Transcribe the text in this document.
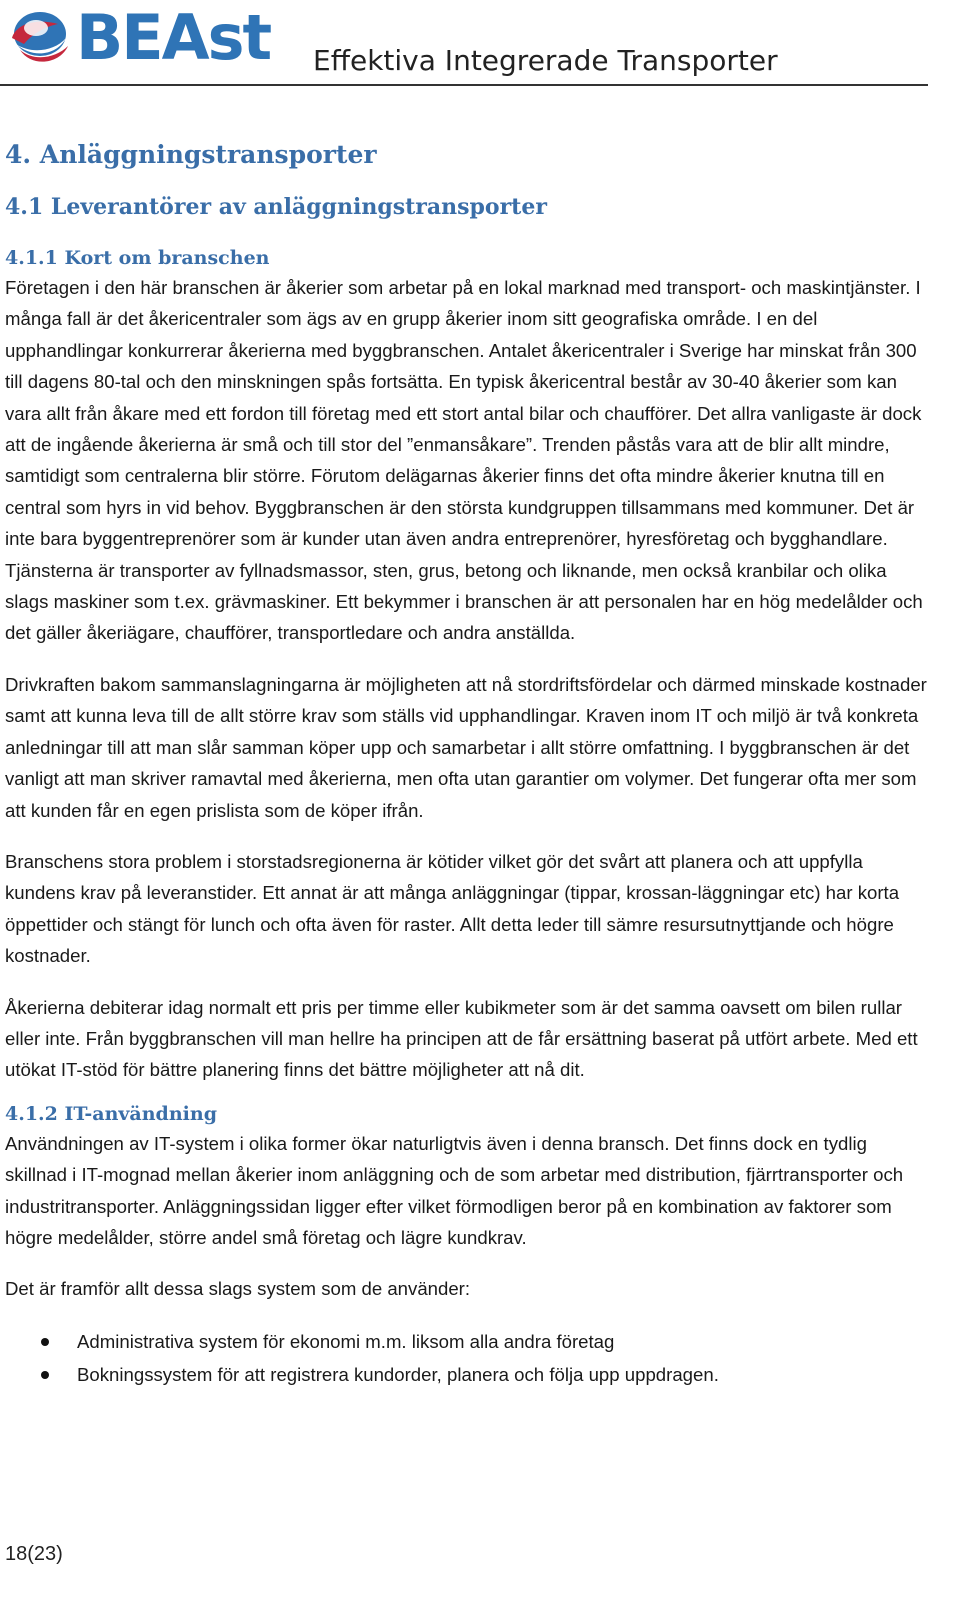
BEAst Effektiva Integrerade Transporter
4. Anläggningstransporter
4.1 Leverantörer av anläggningstransporter
4.1.1 Kort om branschen

Företagen i den här branschen är åkerier som arbetar på en lokal marknad med transport- och maskintjänster. I många fall är det åkericentraler som ägs av en grupp åkerier inom sitt geografiska område. I en del upphandlingar konkurrerar åkerierna med byggbranschen. Antalet åkericentraler i Sverige har minskat från 300 till dagens 80-tal och den minskningen spås fortsätta. En typisk åkericentral består av 30-40 åkerier som kan vara allt från åkare med ett fordon till företag med ett stort antal bilar och chaufförer. Det allra vanligaste är dock att de ingående åkerierna är små och till stor del ”enmansåkare”. Trenden påstås vara att de blir allt mindre, samtidigt som centralerna blir större. Förutom delägarnas åkerier finns det ofta mindre åkerier knutna till en central som hyrs in vid behov. Byggbranschen är den största kundgruppen tillsammans med kommuner. Det är inte bara byggentreprenörer som är kunder utan även andra entreprenörer, hyresföretag och bygghandlare. Tjänsterna är transporter av fyllnadsmassor, sten, grus, betong och liknande, men också kranbilar och olika slags maskiner som t.ex. grävmaskiner. Ett bekymmer i branschen är att personalen har en hög medelålder och det gäller åkeriägare, chaufförer, transportledare och andra anställda.

Drivkraften bakom sammanslagningarna är möjligheten att nå stordriftsfördelar och därmed minskade kostnader samt att kunna leva till de allt större krav som ställs vid upphandlingar. Kraven inom IT och miljö är två konkreta anledningar till att man slår samman köper upp och samarbetar i allt större omfattning. I byggbranschen är det vanligt att man skriver ramavtal med åkerierna, men ofta utan garantier om volymer. Det fungerar ofta mer som att kunden får en egen prislista som de köper ifrån.

Branschens stora problem i storstadsregionerna är kötider vilket gör det svårt att planera och att uppfylla kundens krav på leveranstider. Ett annat är att många anläggningar (tippar, krossan-läggningar etc) har korta öppettider och stängt för lunch och ofta även för raster. Allt detta leder till sämre resursutnyttjande och högre kostnader.

Åkerierna debiterar idag normalt ett pris per timme eller kubikmeter som är det samma oavsett om bilen rullar eller inte. Från byggbranschen vill man hellre ha principen att de får ersättning baserat på utfört arbete. Med ett utökat IT-stöd för bättre planering finns det bättre möjligheter att nå dit.

4.1.2 IT-användning

Användningen av IT-system i olika former ökar naturligtvis även i denna bransch. Det finns dock en tydlig skillnad i IT-mognad mellan åkerier inom anläggning och de som arbetar med distribution, fjärrtransporter och industritransporter. Anläggningssidan ligger efter vilket förmodligen beror på en kombination av faktorer som högre medelålder, större andel små företag och lägre kundkrav.

Det är framför allt dessa slags system som de använder:

Administrativa system för ekonomi m.m. liksom alla andra företag
Bokningssystem för att registrera kundorder, planera och följa upp uppdragen.
18(23)
